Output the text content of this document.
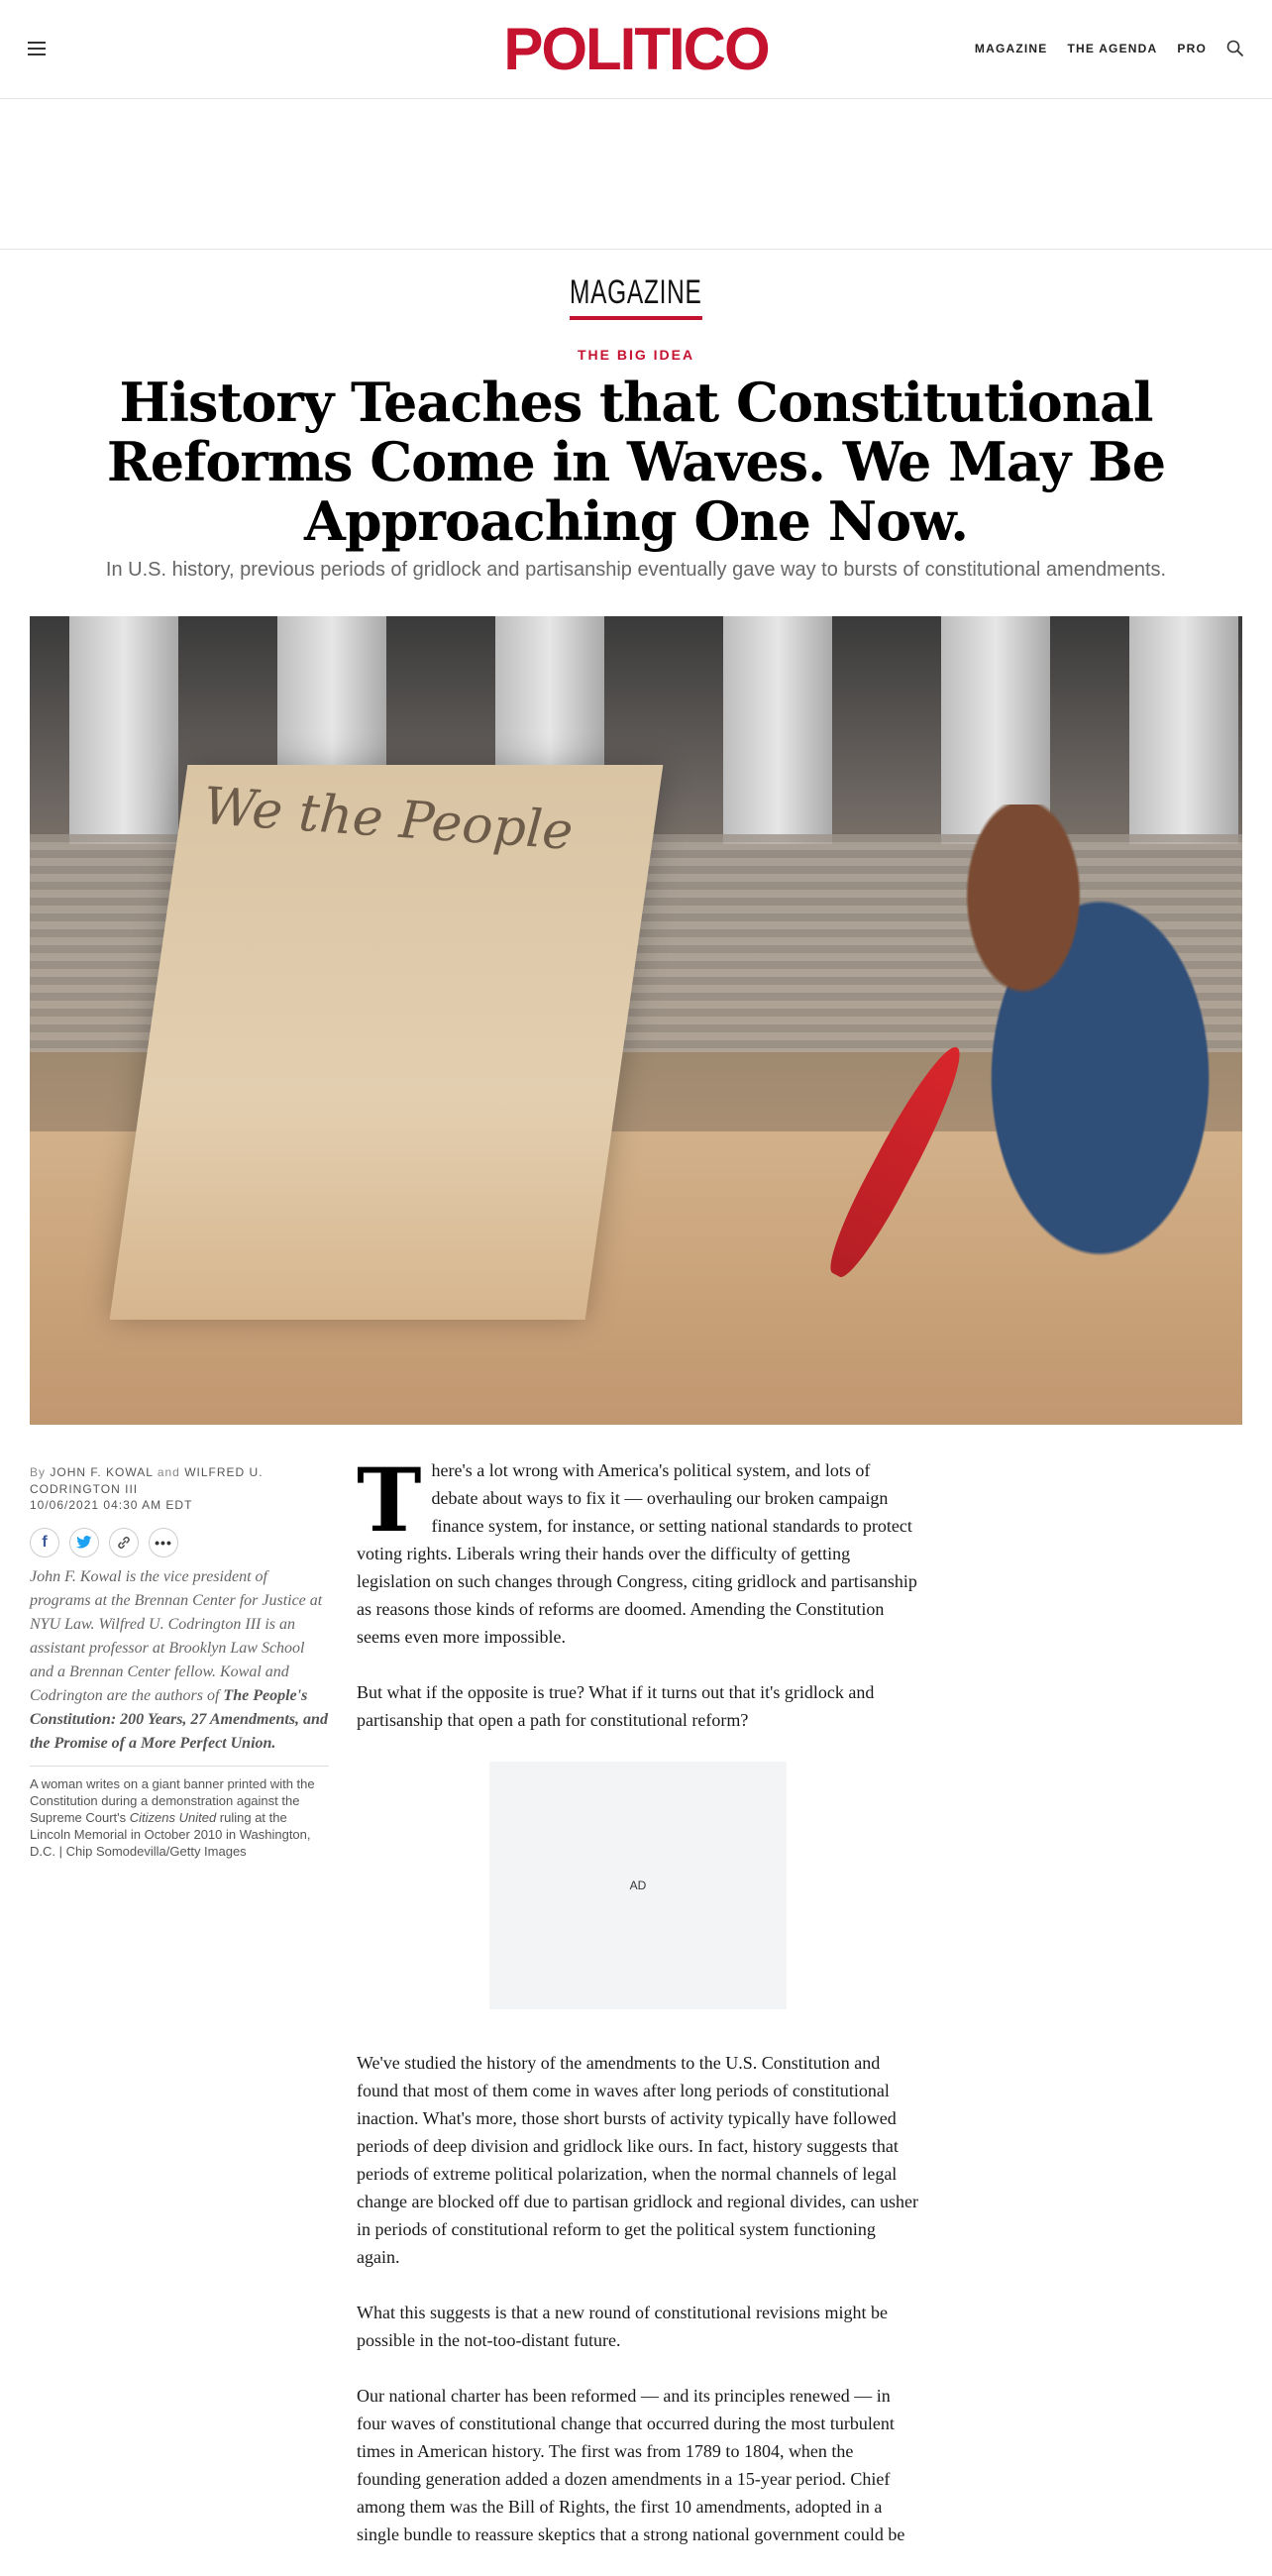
POLITICO	MAGAZINE THE AGENDA PRO
MAGAZINE
THE BIG IDEA
History Teaches that Constitutional Reforms Come in Waves. We May Be Approaching One Now.
In U.S. history, previous periods of gridlock and partisanship eventually gave way to bursts of constitutional amendments.
We the People
By JOHN F. KOWAL and WILFRED U. CODRINGTON III
10/06/2021 04:30 AM EDT
f	•••
John F. Kowal is the vice president of programs at the Brennan Center for Justice at NYU Law. Wilfred U. Codrington III is an assistant professor at Brooklyn Law School and a Brennan Center fellow. Kowal and Codrington are the authors of The People's Constitution: 200 Years, 27 Amendments, and the Promise of a More Perfect Union.
A woman writes on a giant banner printed with the Constitution during a demonstration against the Supreme Court's Citizens United ruling at the Lincoln Memorial in October 2010 in Washington, D.C. | Chip Somodevilla/Getty Images

There's a lot wrong with America's political system, and lots of debate about ways to fix it — overhauling our broken campaign finance system, for instance, or setting national standards to protect voting rights. Liberals wring their hands over the difficulty of getting legislation on such changes through Congress, citing gridlock and partisanship as reasons those kinds of reforms are doomed. Amending the Constitution seems even more impossible.

But what if the opposite is true? What if it turns out that it's gridlock and partisanship that open a path for constitutional reform?

AD

We've studied the history of the amendments to the U.S. Constitution and found that most of them come in waves after long periods of constitutional inaction. What's more, those short bursts of activity typically have followed periods of deep division and gridlock like ours. In fact, history suggests that periods of extreme political polarization, when the normal channels of legal change are blocked off due to partisan gridlock and regional divides, can usher in periods of constitutional reform to get the political system functioning again.

What this suggests is that a new round of constitutional revisions might be possible in the not-too-distant future.

Our national charter has been reformed — and its principles renewed — in four waves of constitutional change that occurred during the most turbulent times in American history. The first was from 1789 to 1804, when the founding generation added a dozen amendments in a 15-year period. Chief among them was the Bill of Rights, the first 10 amendments, adopted in a single bundle to reassure skeptics that a strong national government could be
